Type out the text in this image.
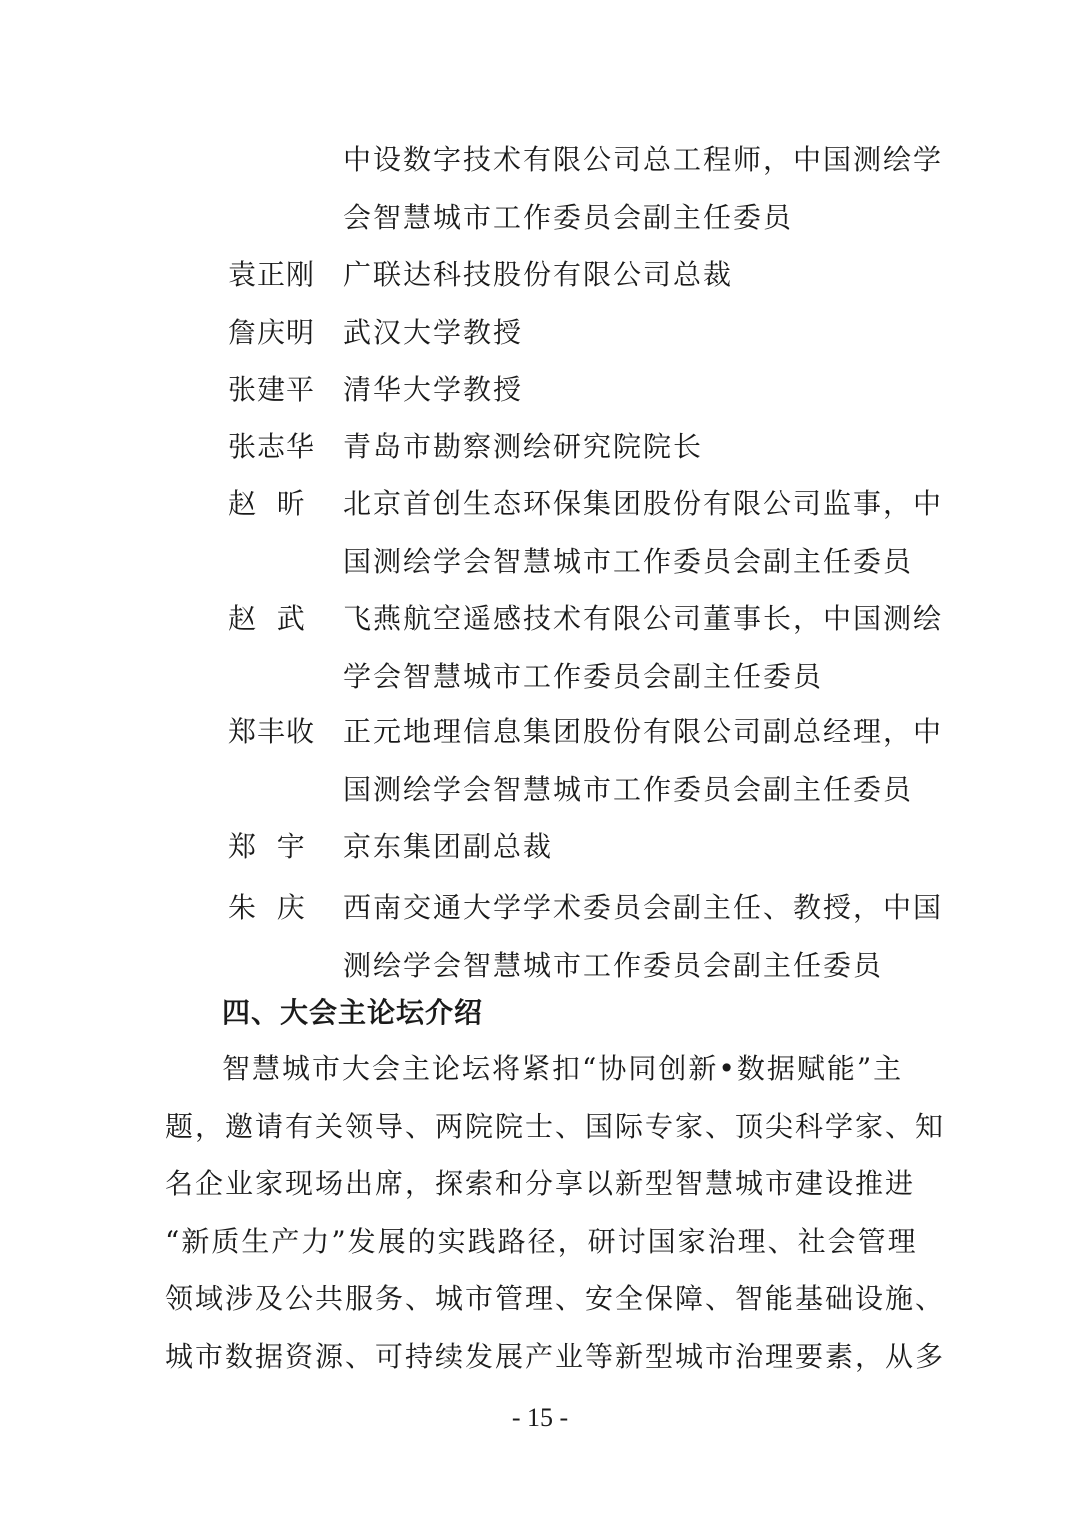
中设数字技术有限公司总工程师，中国测绘学
会智慧城市工作委员会副主任委员
袁正刚 广联达科技股份有限公司总裁
詹庆明 武汉大学教授
张建平 清华大学教授
张志华 青岛市勘察测绘研究院院长
赵  昕	北京首创生态环保集团股份有限公司监事，中
国测绘学会智慧城市工作委员会副主任委员
赵  武	飞燕航空遥感技术有限公司董事长，中国测绘
学会智慧城市工作委员会副主任委员
郑丰收 正元地理信息集团股份有限公司副总经理，中
国测绘学会智慧城市工作委员会副主任委员
郑  宇	京东集团副总裁
朱  庆	西南交通大学学术委员会副主任、教授，中国
测绘学会智慧城市工作委员会副主任委员
四、大会主论坛介绍
智慧城市大会主论坛将紧扣“协同创新•数据赋能”主
题，邀请有关领导、两院院士、国际专家、顶尖科学家、知
名企业家现场出席，探索和分享以新型智慧城市建设推进
“新质生产力”发展的实践路径，研讨国家治理、社会管理
领域涉及公共服务、城市管理、安全保障、智能基础设施、
城市数据资源、可持续发展产业等新型城市治理要素，从多
- 15 -
